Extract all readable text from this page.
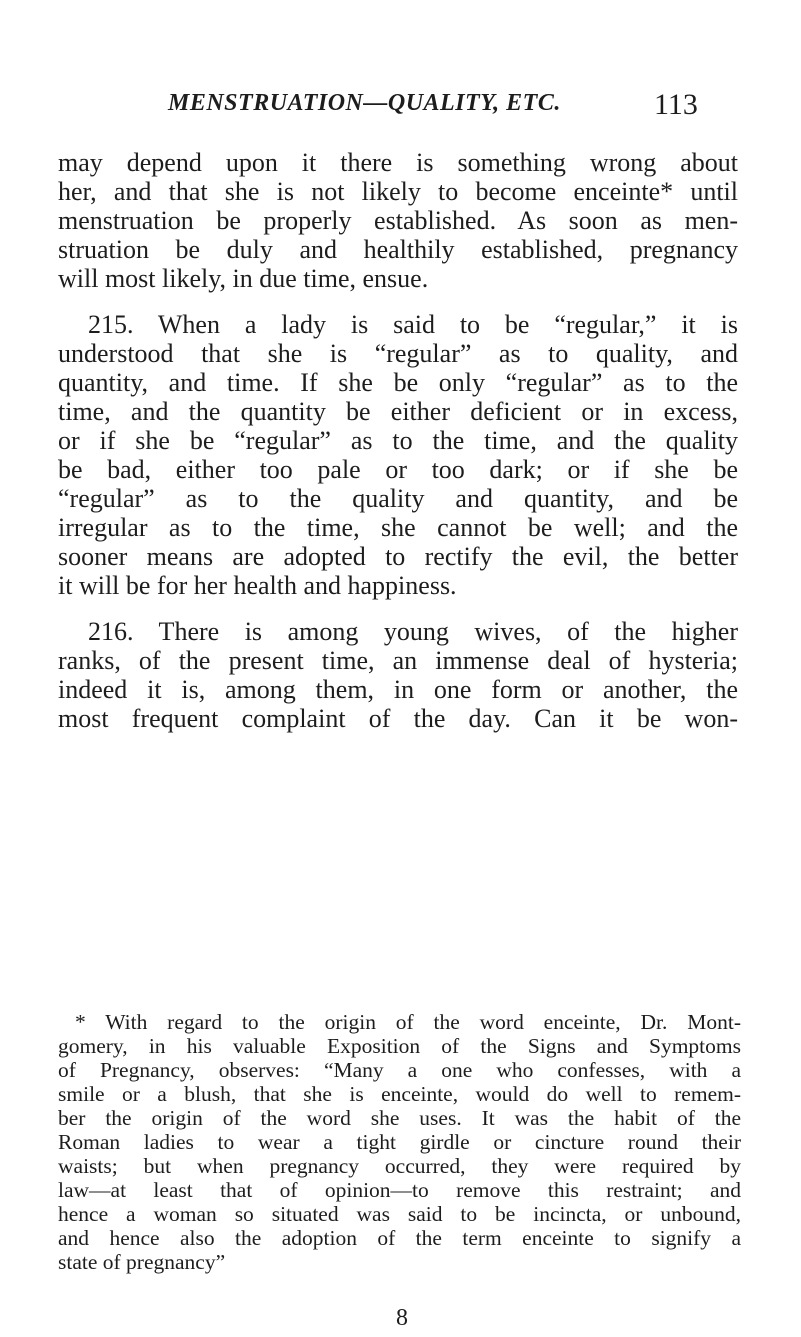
MENSTRUATION—QUALITY, ETC.	113
may depend upon it there is something wrong about
her, and that she is not likely to become enceinte* until
menstruation be properly established. As soon as men-
struation be duly and healthily established, pregnancy
will most likely, in due time, ensue.
215. When a lady is said to be “regular,” it is
understood that she is “regular” as to quality, and
quantity, and time. If she be only “regular” as to the
time, and the quantity be either deficient or in excess,
or if she be “regular” as to the time, and the quality
be bad, either too pale or too dark; or if she be
“regular” as to the quality and quantity, and be
irregular as to the time, she cannot be well; and the
sooner means are adopted to rectify the evil, the better
it will be for her health and happiness.
216. There is among young wives, of the higher
ranks, of the present time, an immense deal of hysteria;
indeed it is, among them, in one form or another, the
most frequent complaint of the day. Can it be won-
* With regard to the origin of the word enceinte, Dr. Mont-
gomery, in his valuable Exposition of the Signs and Symptoms
of Pregnancy, observes: “Many a one who confesses, with a
smile or a blush, that she is enceinte, would do well to remem-
ber the origin of the word she uses. It was the habit of the
Roman ladies to wear a tight girdle or cincture round their
waists; but when pregnancy occurred, they were required by
law—at least that of opinion—to remove this restraint; and
hence a woman so situated was said to be incincta, or unbound,
and hence also the adoption of the term enceinte to signify a
state of pregnancy”
8
